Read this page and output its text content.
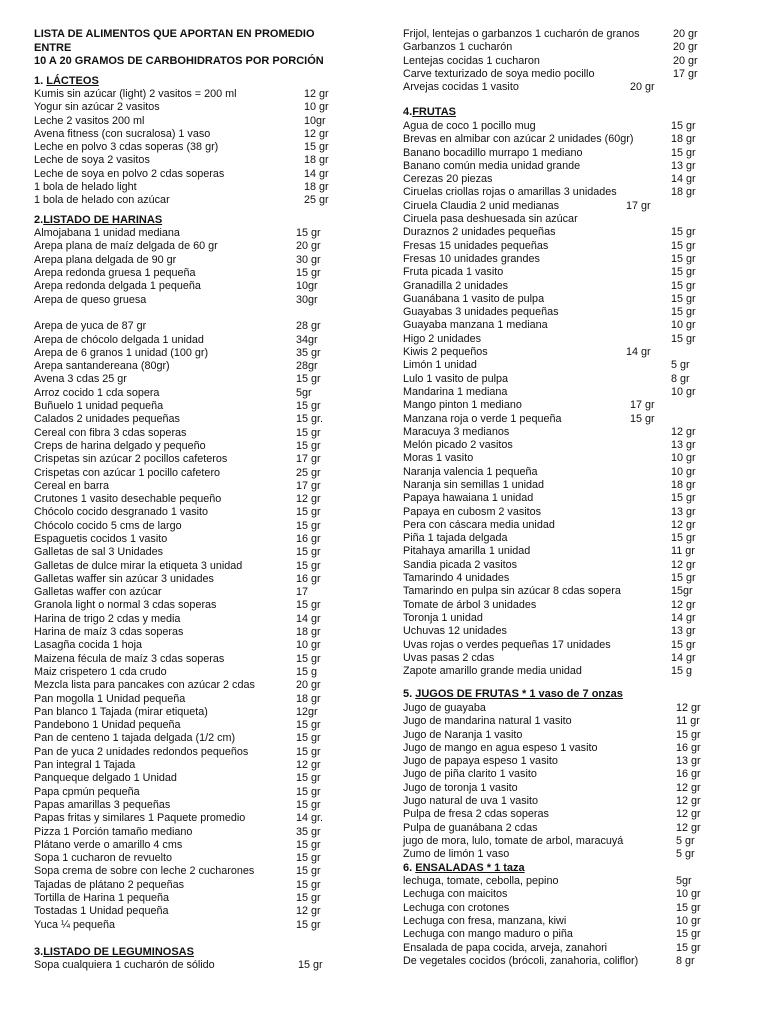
LISTA DE ALIMENTOS QUE APORTAN EN PROMEDIO
ENTRE
10 A 20 GRAMOS DE CARBOHIDRATOS POR PORCIÓN
1. LÁCTEOS
Kumis sin azúcar (light) 2 vasitos = 200 ml	12 gr
Yogur sin azúcar 2 vasitos	10 gr
Leche 2 vasitos 200 ml	10gr
Avena fitness (con sucralosa) 1 vaso	12 gr
Leche en polvo 3 cdas soperas (38 gr)	15 gr
Leche de soya 2 vasitos	18 gr
Leche de soya en polvo 2 cdas soperas	14 gr
1 bola de helado light	18 gr
1 bola de helado con azúcar	25 gr
2.LISTADO DE HARINAS
Almojabana 1 unidad mediana	15 gr
Arepa plana de maíz delgada de 60 gr	20 gr
Arepa plana delgada de 90 gr	30 gr
Arepa redonda gruesa 1 pequeña	15 gr
Arepa redonda delgada 1 pequeña	10gr
Arepa de queso gruesa	30gr
Arepa de yuca de 87 gr	28 gr
Arepa de chócolo delgada 1 unidad	34gr
Arepa de 6 granos 1 unidad (100 gr)	35 gr
Arepa santandereana (80gr)	28gr
Avena 3 cdas 25 gr	15 gr
Arroz cocido 1 cda sopera	5gr
Buñuelo 1 unidad pequeña	15 gr
Calados 2 unidades pequeñas	15 gr.
Cereal con fibra 3 cdas soperas	15 gr
Creps de harina delgado y pequeño	15 gr
Crispetas sin azúcar 2 pocillos cafeteros	17 gr
Crispetas con azúcar 1 pocillo cafetero	25 gr
Cereal en barra	17 gr
Crutones 1 vasito desechable pequeño	12 gr
Chócolo cocido desgranado 1 vasito	15 gr
Chócolo cocido 5 cms de largo	15 gr
Espaguetis cocidos 1 vasito	16 gr
Galletas de sal 3 Unidades	15 gr
Galletas de dulce mirar la etiqueta 3 unidad	15 gr
Galletas waffer sin azúcar 3 unidades	16 gr
Galletas waffer con azúcar	17
Granola light o normal 3 cdas soperas	15 gr
Harina de trigo 2 cdas y media	14 gr
Harina de maíz 3 cdas soperas	18 gr
Lasagña cocida 1 hoja	10 gr
Maizena fécula de maíz 3 cdas soperas	15 gr
Maiz crispetero 1 cda crudo	15 g
Mezcla lista para pancakes con azúcar 2 cdas	20 gr
Pan mogolla 1 Unidad pequeña	18 gr
Pan blanco 1 Tajada (mirar etiqueta)	12gr
Pandebono 1 Unidad pequeña	15 gr
Pan de centeno 1 tajada delgada (1/2 cm)	15 gr
Pan de yuca 2 unidades redondos pequeños	15 gr
Pan integral 1 Tajada	12 gr
Panqueque delgado 1 Unidad	15 gr
Papa cpmún pequeña	15 gr
Papas amarillas 3 pequeñas	15 gr
Papas fritas y similares 1 Paquete promedio	14 gr.
Pizza 1 Porción tamaño mediano	35 gr
Plátano verde o amarillo 4 cms	15 gr
Sopa 1 cucharon de revuelto	15 gr
Sopa crema de sobre con leche 2 cucharones	15 gr
Tajadas de plátano 2 pequeñas	15 gr
Tortilla de Harina 1 pequeña	15 gr
Tostadas 1 Unidad pequeña	12 gr
Yuca ¼ pequeña	15 gr
3.LISTADO DE LEGUMINOSAS
Sopa cualquiera 1 cucharón de sólido	15 gr
Frijol, lentejas o garbanzos 1 cucharón de granos	20 gr
Garbanzos 1 cucharón	20 gr
Lentejas cocidas 1 cucharon	20 gr
Carve texturizado de soya medio pocillo	17 gr
Arvejas cocidas 1 vasito	20 gr
4.FRUTAS
Agua de coco 1 pocillo mug	15 gr
Brevas en almibar con azúcar 2 unidades (60gr)	18 gr
Banano bocadillo murrapo 1 mediano	15 gr
Banano común media unidad grande	13 gr
Cerezas 20 piezas	14 gr
Ciruelas criollas rojas o amarillas 3 unidades	18 gr
Ciruela Claudia 2 unid medianas	17 gr
Ciruela pasa deshuesada sin azúcar
Duraznos 2 unidades pequeñas	15 gr
Fresas 15 unidades pequeñas	15 gr
Fresas 10 unidades grandes	15 gr
Fruta picada 1 vasito	15 gr
Granadilla 2 unidades	15 gr
Guanábana 1 vasito de pulpa	15 gr
Guayabas 3 unidades pequeñas	15 gr
Guayaba manzana 1 mediana	10 gr
Higo 2 unidades	15 gr
Kiwis 2 pequeños	14 gr
Limón 1 unidad	5 gr
Lulo 1 vasito de pulpa	8 gr
Mandarina 1 mediana	10 gr
Mango pinton 1 mediano	17 gr
Manzana roja o verde 1 pequeña	15 gr
Maracuya 3 medianos	12 gr
Melón picado 2 vasitos	13 gr
Moras 1 vasito	10 gr
Naranja valencia 1 pequeña	10 gr
Naranja sin semillas 1 unidad	18 gr
Papaya hawaiana 1 unidad	15 gr
Papaya en cubosm 2 vasitos	13 gr
Pera con cáscara media unidad	12 gr
Piña 1 tajada delgada	15 gr
Pitahaya amarilla 1 unidad	11 gr
Sandia picada 2 vasitos	12 gr
Tamarindo 4 unidades	15 gr
Tamarindo en pulpa sin azúcar 8 cdas sopera	15gr
Tomate de árbol 3 unidades	12 gr
Toronja 1 unidad	14 gr
Uchuvas 12 unidades	13 gr
Uvas rojas o verdes pequeñas 17 unidades	15 gr
Uvas pasas 2 cdas	14 gr
Zapote amarillo grande media unidad	15 g
5. JUGOS DE FRUTAS * 1 vaso de 7 onzas
Jugo de guayaba	12 gr
Jugo de mandarina natural 1 vasito	11 gr
Jugo de Naranja 1 vasito	15 gr
Jugo de mango en agua espeso 1 vasito	16 gr
Jugo de papaya espeso 1 vasito	13 gr
Jugo de piña clarito 1 vasito	16 gr
Jugo de toronja 1 vasito	12 gr
Jugo natural de uva 1 vasito	12 gr
Pulpa de fresa 2 cdas soperas	12 gr
Pulpa de guanábana 2 cdas	12 gr
jugo de mora, lulo, tomate de arbol, maracuyá	5 gr
Zumo de limón 1 vaso	5 gr
6. ENSALADAS * 1 taza
lechuga, tomate, cebolla, pepino	5gr
Lechuga con maicitos	10 gr
Lechuga con crotones	15 gr
Lechuga con fresa, manzana, kiwi	10 gr
Lechuga con mango maduro o piña	15 gr
Ensalada de papa cocida, arveja, zanahori	15 gr
De vegetales cocidos (brócoli, zanahoria, coliflor)	8 gr
